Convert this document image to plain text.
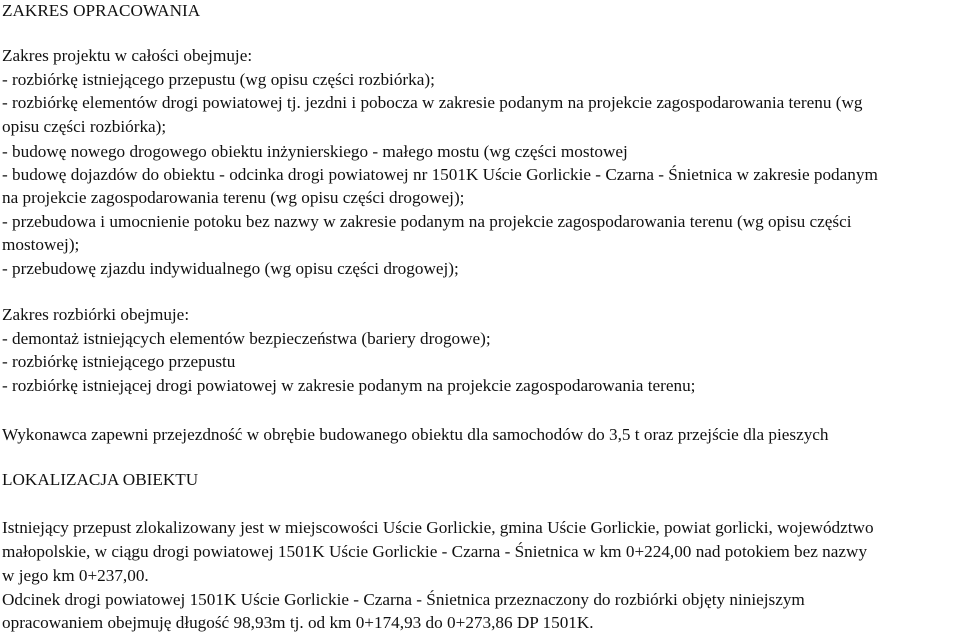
ZAKRES OPRACOWANIA
Zakres projektu w całości obejmuje:
- rozbiórkę istniejącego przepustu (wg opisu części rozbiórka);
- rozbiórkę elementów drogi powiatowej tj. jezdni i pobocza w zakresie podanym na projekcie zagospodarowania terenu (wg
opisu części rozbiórka);
- budowę nowego drogowego obiektu inżynierskiego - małego mostu (wg części mostowej
- budowę dojazdów do obiektu - odcinka drogi powiatowej nr 1501K Uście Gorlickie - Czarna - Śnietnica w zakresie podanym
na projekcie zagospodarowania terenu (wg opisu części drogowej);
- przebudowa i umocnienie potoku bez nazwy w zakresie podanym na projekcie zagospodarowania terenu (wg opisu części
mostowej);
- przebudowę zjazdu indywidualnego (wg opisu części drogowej);
Zakres rozbiórki obejmuje:
- demontaż istniejących elementów bezpieczeństwa (bariery drogowe);
- rozbiórkę istniejącego przepustu
- rozbiórkę istniejącej drogi powiatowej w zakresie podanym na projekcie zagospodarowania terenu;
Wykonawca zapewni przejezdność w obrębie budowanego obiektu dla samochodów do 3,5 t oraz przejście dla pieszych
LOKALIZACJA OBIEKTU
Istniejący przepust zlokalizowany jest w miejscowości Uście Gorlickie, gmina Uście Gorlickie, powiat gorlicki, województwo
małopolskie, w ciągu drogi powiatowej 1501K Uście Gorlickie - Czarna - Śnietnica w km 0+224,00 nad potokiem bez nazwy
w jego km 0+237,00.
Odcinek drogi powiatowej 1501K Uście Gorlickie - Czarna - Śnietnica przeznaczony do rozbiórki objęty niniejszym
opracowaniem obejmuję długość 98,93m tj. od km 0+174,93 do 0+273,86 DP 1501K.
